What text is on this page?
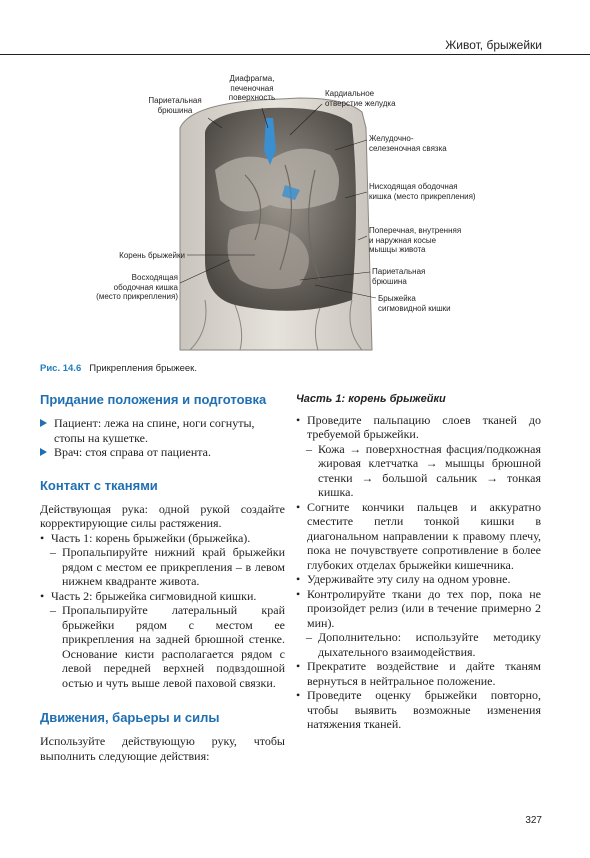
Живот, брыжейки
Диафрагма,
печеночная
поверхность
Париетальная
брюшина
Кардиальное
отверстие желудка
Желудочно-
селезеночная связка
Нисходящая ободочная
кишка (место прикрепления)
Поперечная, внутренняя
и наружная косые
мышцы живота
Корень брыжейки
Восходящая
ободочная кишка
(место прикрепления)
Париетальная
брюшина
Брыжейка
сигмовидной кишки
Рис. 14.6 Прикрепления брыжеек.
Придание положения и подготовка
Пациент: лежа на спине, ноги согнуты, стопы на кушетке.
Врач: стоя справа от пациента.
Контакт с тканями

Действующая рука: одной рукой создайте корректирующие силы растяжения.

• Часть 1: корень брыжейки (брыжейка).
– Пропальпируйте нижний край брыжейки рядом с местом ее прикрепления – в левом нижнем квадранте живота.
• Часть 2: брыжейка сигмовидной кишки.
– Пропальпируйте латеральный край брыжейки рядом с местом ее прикрепления на задней брюшной стенке. Основание кисти располагается рядом с левой передней верхней подвздошной остью и чуть выше левой паховой связки.
Движения, барьеры и силы

Используйте действующую руку, чтобы выполнить следующие действия:

Часть 1: корень брыжейки
• Проведите пальпацию слоев тканей до требуемой брыжейки.
– Кожа → поверхностная фасция/подкожная жировая клетчатка → мышцы брюшной стенки → большой сальник → тонкая кишка.
• Согните кончики пальцев и аккуратно сместите петли тонкой кишки в диагональном направлении к правому плечу, пока не почувствуете сопротивление в более глубоких отделах брыжейки кишечника.
• Удерживайте эту силу на одном уровне.
• Контролируйте ткани до тех пор, пока не произойдет релиз (или в течение примерно 2 мин).
– Дополнительно: используйте методику дыхательного взаимодействия.
• Прекратите воздействие и дайте тканям вернуться в нейтральное положение.
• Проведите оценку брыжейки повторно, чтобы выявить возможные изменения натяжения тканей.
327
